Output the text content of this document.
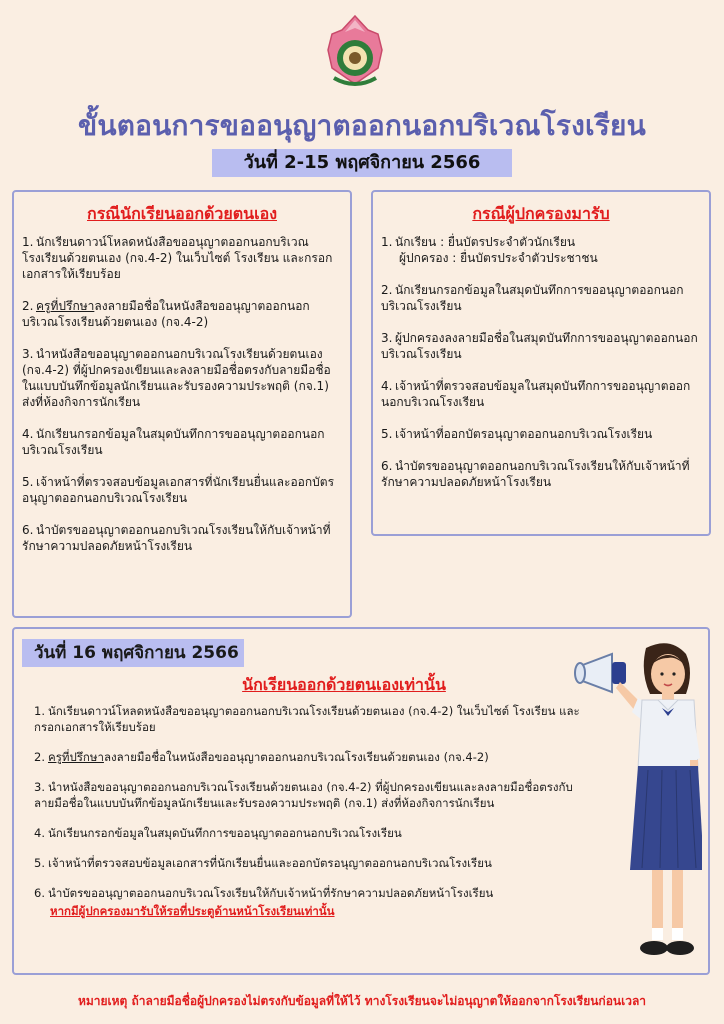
ขั้นตอนการขออนุญาตออกนอกบริเวณโรงเรียน
วันที่ 2-15 พฤศจิกายน 2566
กรณีนักเรียนออกด้วยตนเอง
1. นักเรียนดาวน์โหลดหนังสือขออนุญาตออกนอกบริเวณโรงเรียนด้วยตนเอง (กจ.4-2) ในเว็บไซต์ โรงเรียน และกรอกเอกสารให้เรียบร้อย
2. ครูที่ปรึกษาลงลายมือชื่อในหนังสือขออนุญาตออกนอกบริเวณโรงเรียนด้วยตนเอง (กจ.4-2)
3. นำหนังสือขออนุญาตออกนอกบริเวณโรงเรียนด้วยตนเอง (กจ.4-2) ที่ผู้ปกครองเขียนและลงลายมือชื่อตรงกับลายมือชื่อในแบบบันทึกข้อมูลนักเรียนและรับรองความประพฤติ (กจ.1) ส่งที่ห้องกิจการนักเรียน
4. นักเรียนกรอกข้อมูลในสมุดบันทึกการขออนุญาตออกนอกบริเวณโรงเรียน
5. เจ้าหน้าที่ตรวจสอบข้อมูลเอกสารที่นักเรียนยื่นและออกบัตรอนุญาตออกนอกบริเวณโรงเรียน
6. นำบัตรขออนุญาตออกนอกบริเวณโรงเรียนให้กับเจ้าหน้าที่รักษาความปลอดภัยหน้าโรงเรียน
กรณีผู้ปกครองมารับ
1. นักเรียน : ยื่นบัตรประจำตัวนักเรียน
ผู้ปกครอง : ยื่นบัตรประจำตัวประชาชน
2. นักเรียนกรอกข้อมูลในสมุดบันทึกการขออนุญาตออกนอกบริเวณโรงเรียน
3. ผู้ปกครองลงลายมือชื่อในสมุดบันทึกการขออนุญาตออกนอกบริเวณโรงเรียน
4. เจ้าหน้าที่ตรวจสอบข้อมูลในสมุดบันทึกการขออนุญาตออกนอกบริเวณโรงเรียน
5. เจ้าหน้าที่ออกบัตรอนุญาตออกนอกบริเวณโรงเรียน
6. นำบัตรขออนุญาตออกนอกบริเวณโรงเรียนให้กับเจ้าหน้าที่รักษาความปลอดภัยหน้าโรงเรียน
วันที่ 16 พฤศจิกายน 2566
นักเรียนออกด้วยตนเองเท่านั้น
1. นักเรียนดาวน์โหลดหนังสือขออนุญาตออกนอกบริเวณโรงเรียนด้วยตนเอง (กจ.4-2) ในเว็บไซต์ โรงเรียน และกรอกเอกสารให้เรียบร้อย
2. ครูที่ปรึกษาลงลายมือชื่อในหนังสือขออนุญาตออกนอกบริเวณโรงเรียนด้วยตนเอง (กจ.4-2)
3. นำหนังสือขออนุญาตออกนอกบริเวณโรงเรียนด้วยตนเอง (กจ.4-2) ที่ผู้ปกครองเขียนและลงลายมือชื่อตรงกับลายมือชื่อในแบบบันทึกข้อมูลนักเรียนและรับรองความประพฤติ (กจ.1) ส่งที่ห้องกิจการนักเรียน
4. นักเรียนกรอกข้อมูลในสมุดบันทึกการขออนุญาตออกนอกบริเวณโรงเรียน
5. เจ้าหน้าที่ตรวจสอบข้อมูลเอกสารที่นักเรียนยื่นและออกบัตรอนุญาตออกนอกบริเวณโรงเรียน
6. นำบัตรขออนุญาตออกนอกบริเวณโรงเรียนให้กับเจ้าหน้าที่รักษาความปลอดภัยหน้าโรงเรียน
หากมีผู้ปกครองมารับให้รอที่ประตูด้านหน้าโรงเรียนเท่านั้น
หมายเหตุ ถ้าลายมือชื่อผู้ปกครองไม่ตรงกับข้อมูลที่ให้ไว้ ทางโรงเรียนจะไม่อนุญาตให้ออกจากโรงเรียนก่อนเวลา
